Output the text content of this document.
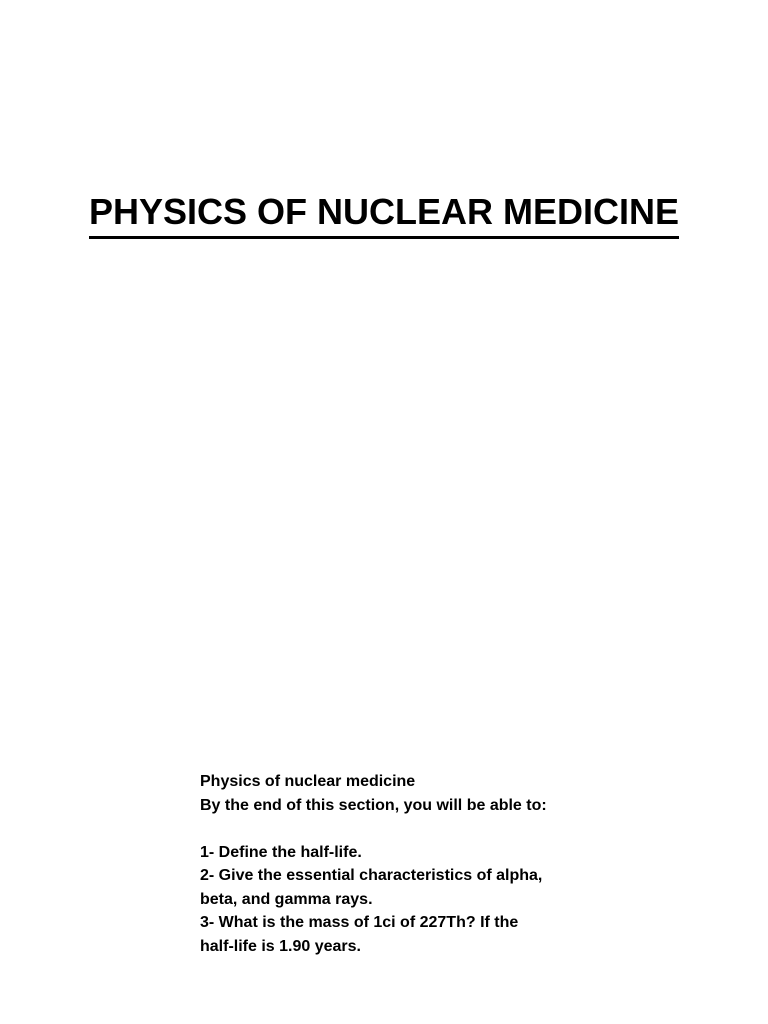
PHYSICS OF NUCLEAR MEDICINE
Physics of nuclear medicine
By the end of this section, you will be able to:
1- Define the half-life.
2- Give the essential characteristics of alpha,
beta, and gamma rays.
3- What is the mass of 1ci of 227Th? If the
half-life is 1.90 years.
